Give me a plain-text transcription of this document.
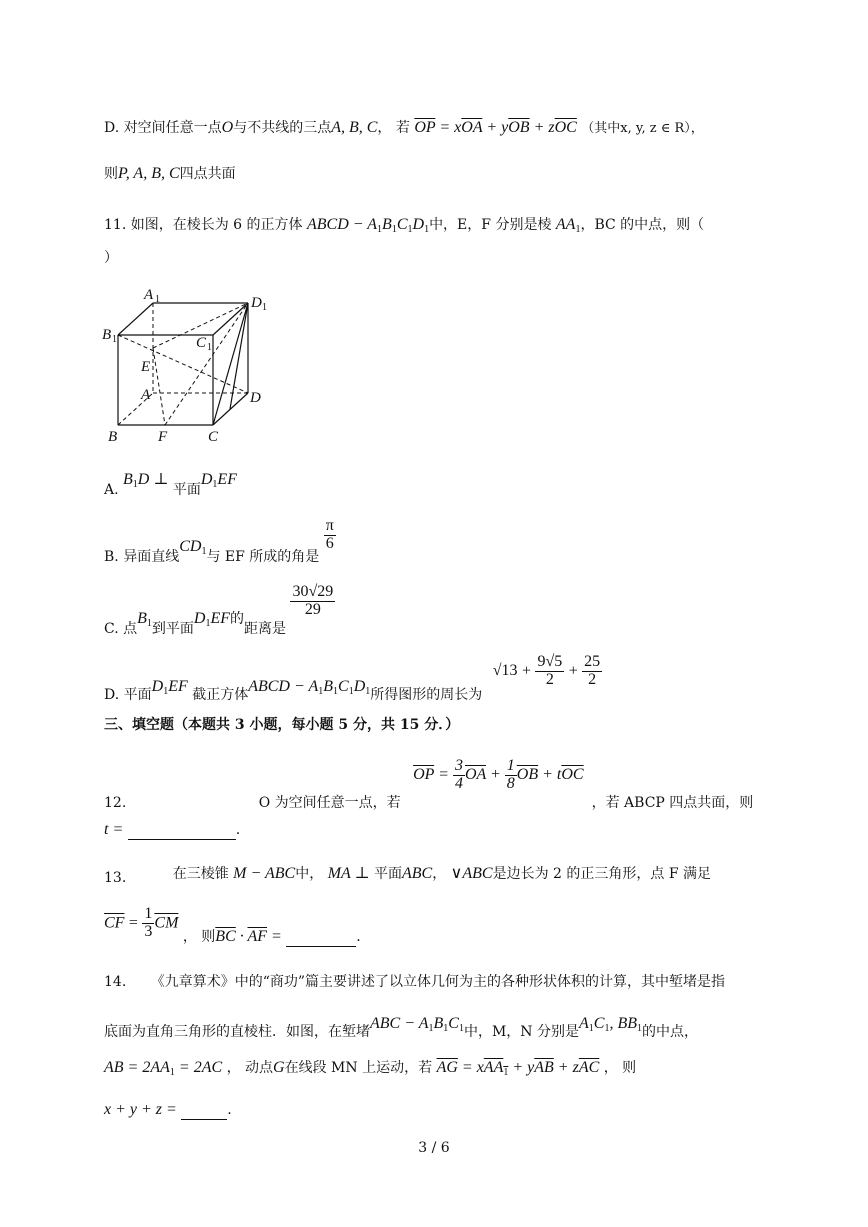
D. 对空间任意一点O与不共线的三点A, B, C， 若 $\overline{OP} = x\overline{OA} + y\overline{OB} + z\overline{OC}$ （其中x, y, z ∈ R），
则P, A, B, C四点共面
11. 如图，在棱长为 6 的正方体 ABCD − $A_1B_1C_1D_1$中，E，F 分别是棱 $AA_1$，BC 的中点，则（
）
A 1	D 1
B 1	C 1
E
A	D
B	F	C
A. $B_1D$ ⊥ 平面$D_1EF$
B. 异面直线$CD_1$与 EF 所成的角是
$\frac{\pi}{6}$
C. 点$B_1$到平面$D_1EF$的距离是
$\frac{30√29}{29}$
D. 平面$D_1EF$ 截正方体ABCD − $A_1B_1C_1D_1$所得图形的周长为 $√13 + \frac{9√5}{2} + \frac{25}{2}$
三、填空题（本题共 3 小题，每小题 5 分，共 15 分．）
12.	O 为空间任意一点，若 $\overline{OP} = \frac{3}{4} \overline{OA} + \frac{1}{8} \overline{OB} + t\overline{OC}$ ，若 ABCP 四点共面，则
t =	.
13.	在三棱锥 M − ABC中， MA ⊥ 平面ABC， ∨ABC是边长为 2 的正三角形，点 F 满足
$\overline{CF} = \frac{1}{3} \overline{CM}$ ， 则$\overline{BC} \cdot \overline{AF}$ =	.
14. 《九章算术》中的“商功”篇主要讲述了以立体几何为主的各种形状体积的计算，其中堑堵是指
底面为直角三角形的直棱柱．如图，在堑堵ABC − $A_1B_1C_1$中，M，N 分别是$A_1C_1$, $BB_1$的中点，
AB = $2AA_1 = 2AC$ ， 动点G在线段 MN 上运动，若 $\overline{AG} = xAA_1 + y\overline{AB} + z\overline{AC}$ ， 则
x + y + z =	.
3 / 6
